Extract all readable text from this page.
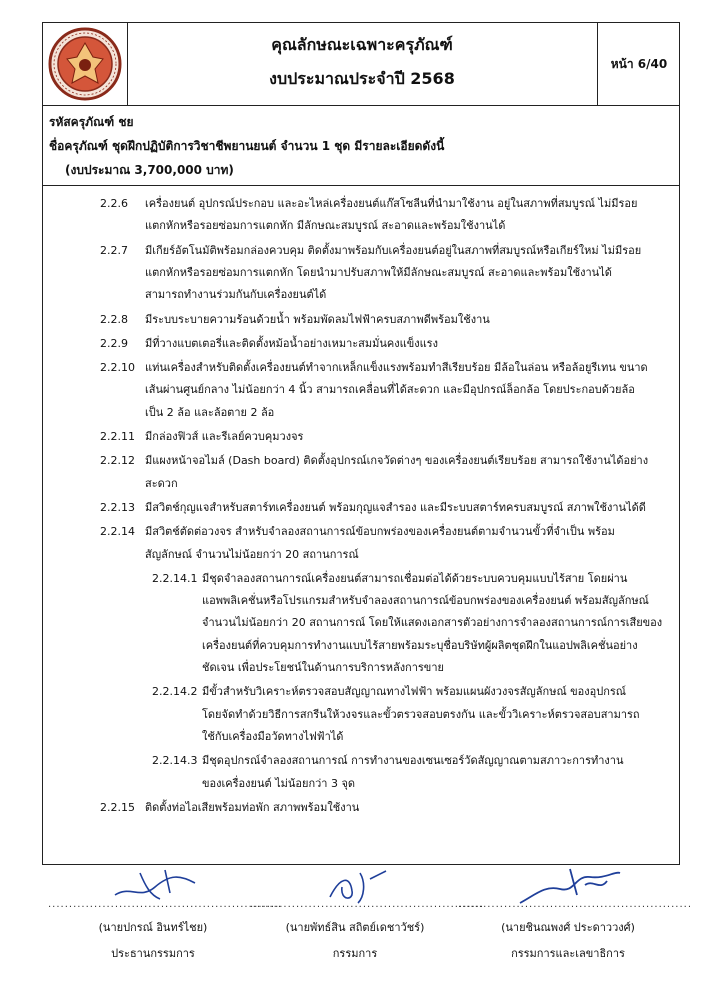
คุณลักษณะเฉพาะครุภัณฑ์
งบประมาณประจำปี 2568
หน้า 6/40
รหัสครุภัณฑ์ ชย
ชื่อครุภัณฑ์ ชุดฝึกปฏิบัติการวิชาชีพยานยนต์ จำนวน 1 ชุด มีรายละเอียดดังนี้
(งบประมาณ 3,700,000 บาท)
2.2.6 เครื่องยนต์ อุปกรณ์ประกอบ และอะไหล่เครื่องยนต์แก๊สโซลีนที่นำมาใช้งาน อยู่ในสภาพที่สมบูรณ์ ไม่มีรอย
แตกหักหรือรอยซ่อมการแตกหัก มีลักษณะสมบูรณ์ สะอาดและพร้อมใช้งานได้
2.2.7 มีเกียร์อัตโนมัติพร้อมกล่องควบคุม ติดตั้งมาพร้อมกับเครื่องยนต์อยู่ในสภาพที่สมบูรณ์หรือเกียร์ใหม่ ไม่มีรอย
แตกหักหรือรอยซ่อมการแตกหัก โดยนำมาปรับสภาพให้มีลักษณะสมบูรณ์ สะอาดและพร้อมใช้งานได้
สามารถทำงานร่วมกันกับเครื่องยนต์ได้
2.2.8 มีระบบระบายความร้อนด้วยน้ำ พร้อมพัดลมไฟฟ้าครบสภาพดีพร้อมใช้งาน
2.2.9 มีที่วางแบตเตอรี่และติดตั้งหม้อน้ำอย่างเหมาะสมมั่นคงแข็งแรง
2.2.10 แท่นเครื่องสำหรับติดตั้งเครื่องยนต์ทำจากเหล็กแข็งแรงพร้อมทำสีเรียบร้อย มีล้อในล่อน หรือล้อยูรีเทน ขนาด
เส้นผ่านศูนย์กลาง ไม่น้อยกว่า 4 นิ้ว สามารถเคลื่อนที่ได้สะดวก และมีอุปกรณ์ล็อกล้อ โดยประกอบด้วยล้อ
เป็น 2 ล้อ และล้อตาย 2 ล้อ
2.2.11 มีกล่องฟิวส์ และรีเลย์ควบคุมวงจร
2.2.12 มีแผงหน้าจอไมล์ (Dash board) ติดตั้งอุปกรณ์เกจวัดต่างๆ ของเครื่องยนต์เรียบร้อย สามารถใช้งานได้อย่าง
สะดวก
2.2.13 มีสวิตช์กุญแจสำหรับสตาร์ทเครื่องยนต์ พร้อมกุญแจสำรอง และมีระบบสตาร์ทครบสมบูรณ์ สภาพใช้งานได้ดี
2.2.14 มีสวิตช์ตัดต่อวงจร สำหรับจำลองสถานการณ์ข้อบกพร่องของเครื่องยนต์ตามจำนวนขั้วที่จำเป็น พร้อม
สัญลักษณ์ จำนวนไม่น้อยกว่า 20 สถานการณ์
2.2.14.1 มีชุดจำลองสถานการณ์เครื่องยนต์สามารถเชื่อมต่อได้ด้วยระบบควบคุมแบบไร้สาย โดยผ่าน
แอพพลิเคชั่นหรือโปรแกรมสำหรับจำลองสถานการณ์ข้อบกพร่องของเครื่องยนต์ พร้อมสัญลักษณ์
จำนวนไม่น้อยกว่า 20 สถานการณ์ โดยให้แสดงเอกสารตัวอย่างการจำลองสถานการณ์การเสียของ
เครื่องยนต์ที่ควบคุมการทำงานแบบไร้สายพร้อมระบุชื่อบริษัทผู้ผลิตชุดฝึกในแอปพลิเคชั่นอย่าง
ชัดเจน เพื่อประโยชน์ในด้านการบริการหลังการขาย
2.2.14.2 มีขั้วสำหรับวิเคราะห์ตรวจสอบสัญญาณทางไฟฟ้า พร้อมแผนผังวงจรสัญลักษณ์ ของอุปกรณ์
โดยจัดทำด้วยวิธีการสกรีนให้วงจรและขั้วตรวจสอบตรงกัน และขั้ววิเคราะห์ตรวจสอบสามารถ
ใช้กับเครื่องมือวัดทางไฟฟ้าได้
2.2.14.3 มีชุดอุปกรณ์จำลองสถานการณ์ การทำงานของเซนเซอร์วัดสัญญาณตามสภาวะการทำงาน
ของเครื่องยนต์ ไม่น้อยกว่า 3 จุด
2.2.15 ติดตั้งท่อไอเสียพร้อมท่อพัก สภาพพร้อมใช้งาน
........................................................
(นายปกรณ์ อินทร์ไชย)
ประธานกรรมการ
........................................................
(นายพัทธ์สิน สถิตย์เดชาวัชร์)
กรรมการ
........................................................
(นายชินณพงศ์ ประดาววงศ์)
กรรมการและเลขาธิการ
